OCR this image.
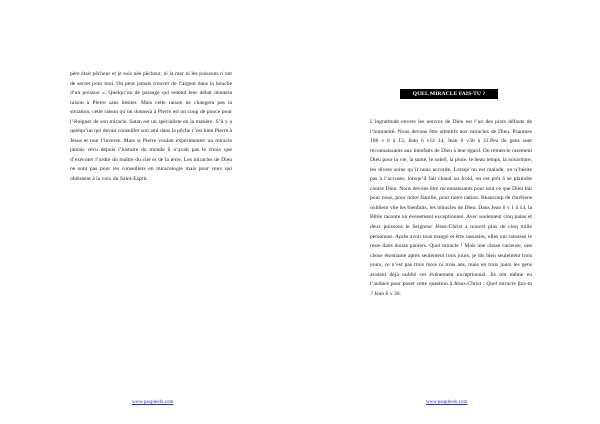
père était pêcheur et je suis née pêcheur, ni la mer ni les poissons n’ont de secret pour moi. On peut jamais trouver de l’argent dans la bouche d’un poisson ». Quelqu’un de passage qui entend leur débat donnera raison à Pierre sans hésiter. Mais cette raison ne changera pas la situation, cette raison qu’on donnera à Pierre est un coup de pouce pour l’éloigner de son miracle. Satan est un spécialiste en la matière. S’il y a quelqu’un qui devait conseiller son ami dans la pêche c’est bien Pierre à Jésus et non l’inverse. Mais si Pierre voulait expérimenter un miracle jamais vécu depuis l’histoire du monde il n’avait pas le choix que d’exécuter l’ordre du maître du ciel et de la terre. Les miracles de Dieu ne sont pas pour les conseillers en miracologie mais pour ceux qui obéissent à la voix du Saint-Esprit.

QUEL MIRACLE FAIS-TU ?

L’ingratitude envers les œuvres de Dieu est l’un des pires défauts de l’humanité. Nous devons être attentifs aux miracles de Dieu. Psaumes 106 v 6 à 13, Jean 6 v1à 14, Jean 6 v30 à 31.Peu de gens sont reconnaissants aux bienfaits de Dieu à leur égard. On remercie rarement Dieu pour la vie, la santé, le soleil, la pluie, le beau temps, la nourriture, les divers soins qu’il nous accorde. Lorsqu’on est malade, on n’hésite pas à l’accuser, lorsqu’il fait chaud ou froid, on est prêt à se plaindre contre Dieu. Nous devons être reconnaissants pour tout ce que Dieu fait pour nous, pour notre famille, pour notre nation. Beaucoup de chrétiens oublient vite les bienfaits, les miracles de Dieu. Dans Jean 6 v 1 à 14, la Bible raconte un événement exceptionnel. Avec seulement cinq pains et deux poissons le Seigneur Jésus-Christ a nourrit plus de cinq mille personnes. Après avoir tous mangé et être rassasiés, elles ont ramassé le reste dans douze paniers. Quel miracle ! Mais une chose curieuse, une chose étonnante après seulement trois jours, je dis bien seulement trois jours, ce n’est pas trois mois ni trois ans, mais en trois jours les gens avaient déjà oublié cet événement exceptionnel. Ils ont même eu l’audace pour poser cette question à Jésus-Christ : Quel miracle fais-tu ? Jean 6 v 30.

www.paupleolu.com	www.paupleolu.com
